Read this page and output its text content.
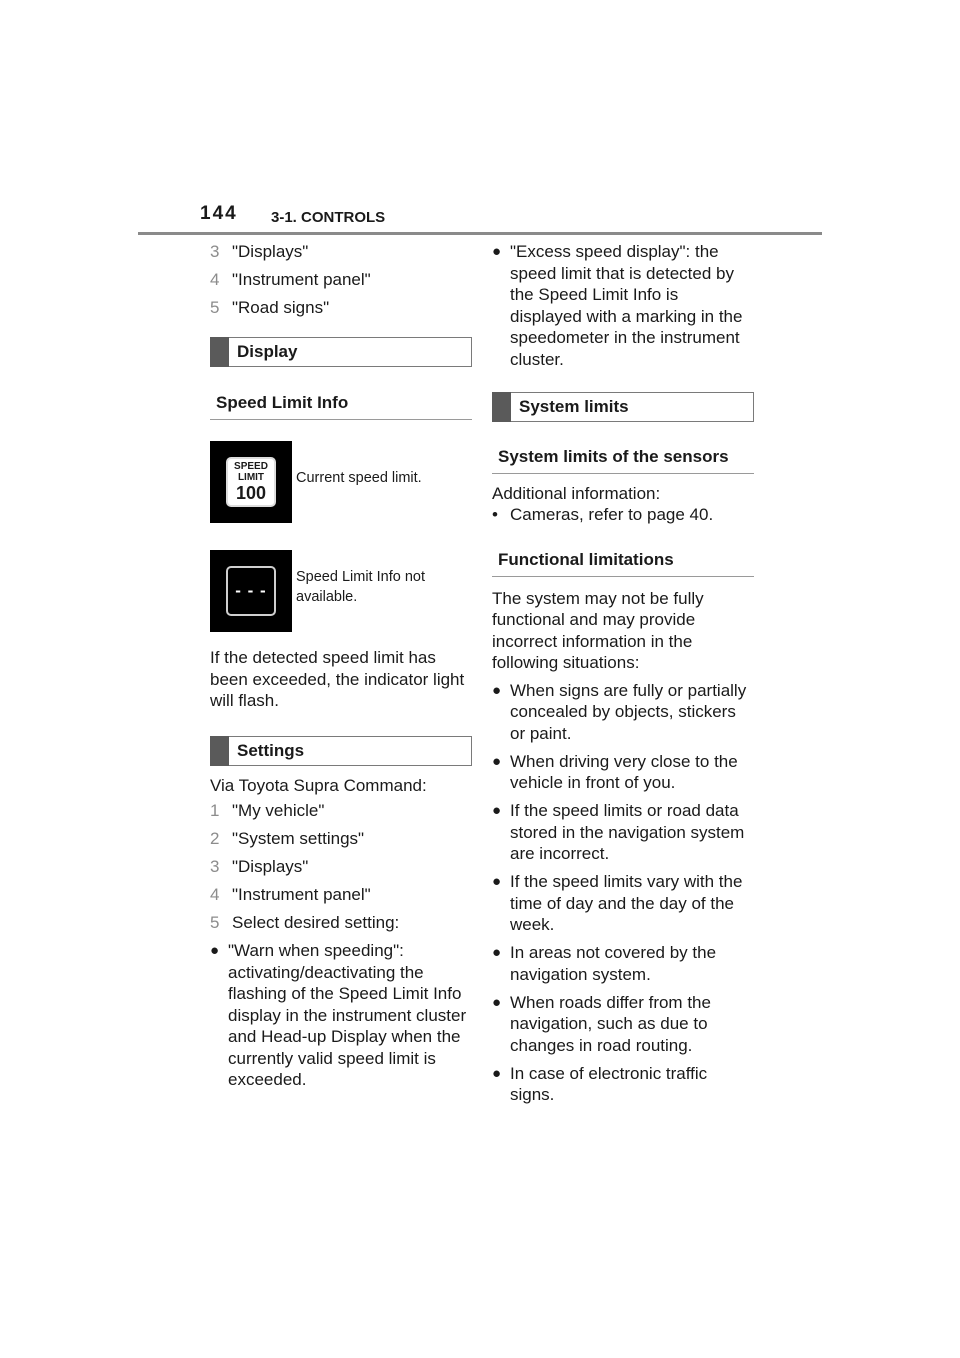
144 3-1. CONTROLS
3 "Displays"
4 "Instrument panel"
5 "Road signs"
Display
Speed Limit Info
SPEED
LIMIT
100
Current speed limit.
- - -
Speed Limit Info not available.

If the detected speed limit has been exceeded, the indicator light will flash.

Settings

Via Toyota Supra Command:

1 "My vehicle"
2 "System settings"
3 "Displays"
4 "Instrument panel"
5 Select desired setting:
● "Warn when speeding": activating/deactivating the flashing of the Speed Limit Info display in the instrument cluster and Head-up Display when the currently valid speed limit is exceeded.
● "Excess speed display": the speed limit that is detected by the Speed Limit Info is displayed with a marking in the speedometer in the instrument cluster.
System limits
System limits of the sensors

Additional information:

• Cameras, refer to page 40.
Functional limitations

The system may not be fully functional and may provide incorrect information in the following situations:

● When signs are fully or partially concealed by objects, stickers or paint.
● When driving very close to the vehicle in front of you.
● If the speed limits or road data stored in the navigation system are incorrect.
● If the speed limits vary with the time of day and the day of the week.
● In areas not covered by the navigation system.
● When roads differ from the navigation, such as due to changes in road routing.
● In case of electronic traffic signs.
